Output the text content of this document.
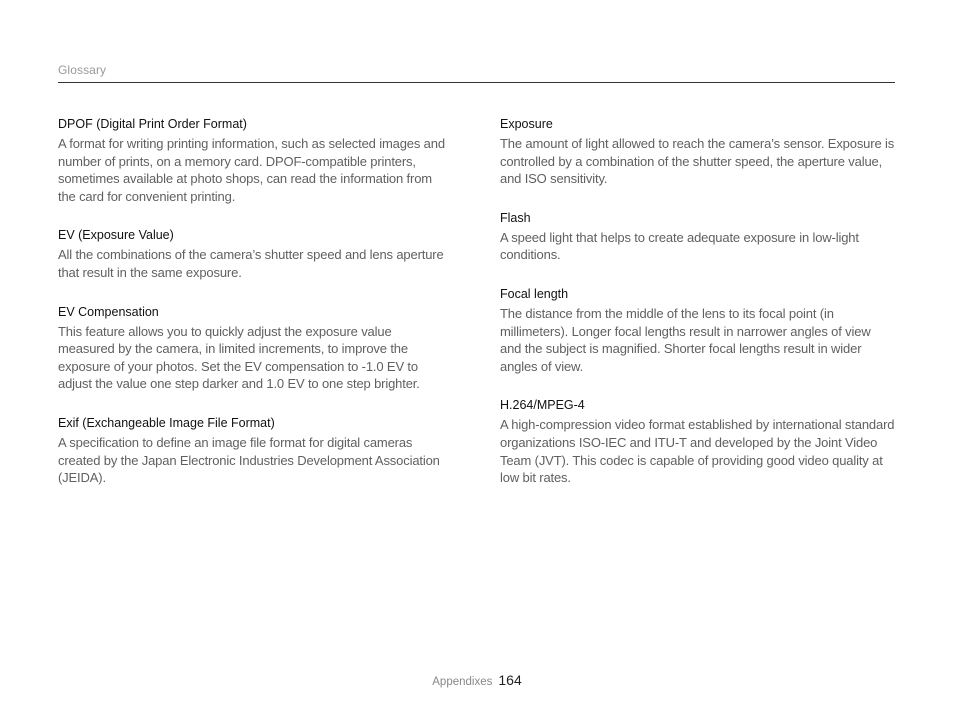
Glossary
DPOF (Digital Print Order Format)

A format for writing printing information, such as selected images and number of prints, on a memory card. DPOF-compatible printers, sometimes available at photo shops, can read the information from the card for convenient printing.

EV (Exposure Value)

All the combinations of the camera’s shutter speed and lens aperture that result in the same exposure.

EV Compensation

This feature allows you to quickly adjust the exposure value measured by the camera, in limited increments, to improve the exposure of your photos. Set the EV compensation to -1.0 EV to adjust the value one step darker and 1.0 EV to one step brighter.

Exif (Exchangeable Image File Format)

A specification to define an image file format for digital cameras created by the Japan Electronic Industries Development Association (JEIDA).

Exposure

The amount of light allowed to reach the camera’s sensor. Exposure is controlled by a combination of the shutter speed, the aperture value, and ISO sensitivity.

Flash

A speed light that helps to create adequate exposure in low-light conditions.

Focal length

The distance from the middle of the lens to its focal point (in millimeters). Longer focal lengths result in narrower angles of view and the subject is magnified. Shorter focal lengths result in wider angles of view.

H.264/MPEG-4

A high-compression video format established by international standard organizations ISO-IEC and ITU-T and developed by the Joint Video Team (JVT). This codec is capable of providing good video quality at low bit rates.

Appendixes 164
